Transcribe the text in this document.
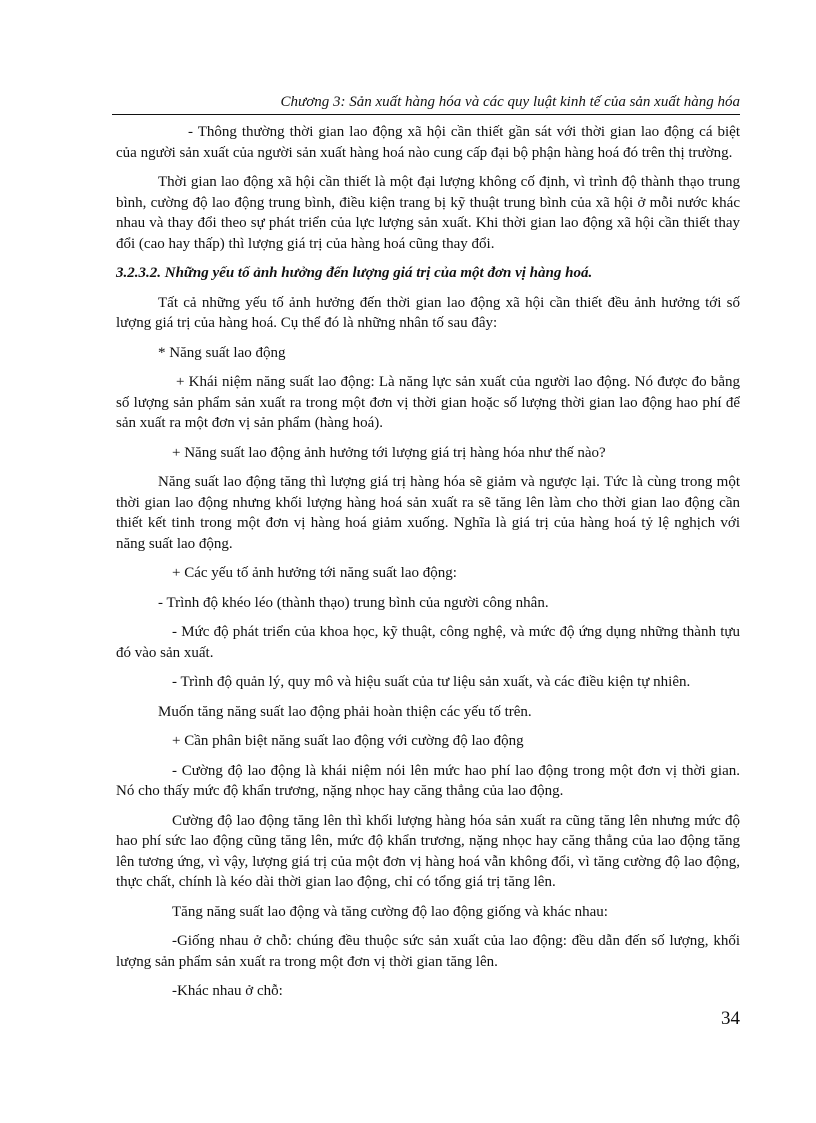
Chương 3: Sản xuất hàng hóa và các quy luật kinh tế của sản xuất hàng hóa

- Thông thường thời gian lao động xã hội cần thiết gần sát với thời gian lao động cá biệt của người sản xuất của người sản xuất hàng hoá nào cung cấp đại bộ phận hàng hoá đó trên thị trường.

Thời gian lao động xã hội cần thiết là một đại lượng không cố định, vì trình độ thành thạo trung bình, cường độ lao động trung bình, điều kiện trang bị kỹ thuật trung bình của xã hội ở mỗi nước khác nhau và thay đổi theo sự phát triển của lực lượng sản xuất. Khi thời gian lao động xã hội cần thiết thay đổi (cao hay thấp) thì lượng giá trị của hàng hoá cũng thay đổi.

3.2.3.2. Những yếu tố ảnh hưởng đến lượng giá trị của một đơn vị hàng hoá.

Tất cả những yếu tố ảnh hưởng đến thời gian lao động xã hội cần thiết đều ảnh hưởng tới số lượng giá trị của hàng hoá. Cụ thể đó là những nhân tố sau đây:

* Năng suất lao động

+ Khái niệm năng suất lao động: Là năng lực sản xuất của người lao động. Nó được đo bằng số lượng sản phẩm sản xuất ra trong một đơn vị thời gian hoặc số lượng thời gian lao động hao phí để sản xuất ra một đơn vị sản phẩm (hàng hoá).

+ Năng suất lao động ảnh hưởng tới lượng giá trị hàng hóa như thế nào?

Năng suất lao động tăng thì lượng giá trị hàng hóa sẽ giảm và ngược lại. Tức là cùng trong một thời gian lao động nhưng khối lượng hàng hoá sản xuất ra sẽ tăng lên làm cho thời gian lao động cần thiết kết tinh trong một đơn vị hàng hoá giảm xuống. Nghĩa là giá trị của hàng hoá tỷ lệ nghịch với năng suất lao động.

+ Các yếu tố ảnh hưởng tới năng suất lao động:

- Trình độ khéo léo (thành thạo) trung bình của người công nhân.

- Mức độ phát triển của khoa học, kỹ thuật, công nghệ, và mức độ ứng dụng những thành tựu đó vào sản xuất.

- Trình độ quản lý, quy mô và hiệu suất của tư liệu sản xuất, và các điều kiện tự nhiên.

Muốn tăng năng suất lao động phải hoàn thiện các yếu tố trên.

+ Cần phân biệt năng suất lao động với cường độ lao động

- Cường độ lao động là khái niệm nói lên mức hao phí lao động trong một đơn vị thời gian. Nó cho thấy mức độ khẩn trương, nặng nhọc hay căng thẳng của lao động.

Cường độ lao động tăng lên thì khối lượng hàng hóa sản xuất ra cũng tăng lên nhưng mức độ hao phí sức lao động cũng tăng lên, mức độ khẩn trương, nặng nhọc hay căng thẳng của lao động tăng lên tương ứng, vì vậy, lượng giá trị của một đơn vị hàng hoá vẫn không đổi, vì tăng cường độ lao động, thực chất, chính là kéo dài thời gian lao động, chỉ có tổng giá trị tăng lên.

Tăng năng suất lao động và tăng cường độ lao động giống và khác nhau:

-Giống nhau ở chỗ: chúng đều thuộc sức sản xuất của lao động: đều dẫn đến số lượng, khối lượng sản phẩm sản xuất ra trong một đơn vị thời gian tăng lên.

-Khác nhau ở chỗ:

34
